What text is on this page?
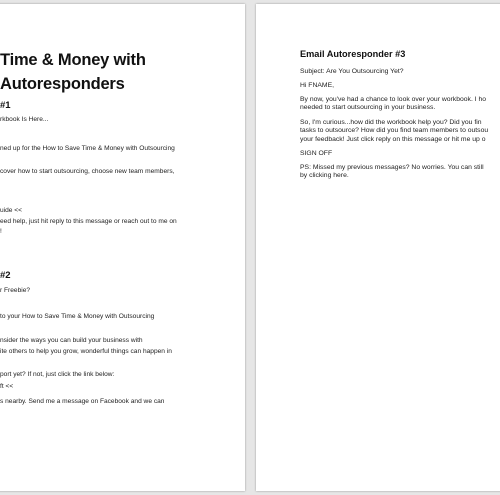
Time & Money with
Autoresponders
#1
rkbook Is Here...
ned up for the How to Save Time & Money with Outsourcing
cover how to start outsourcing, choose new team members,
uide <<
eed help, just hit reply to this message or reach out to me on
!
#2
r Freebie?
to your How to Save Time & Money with Outsourcing
nsider the ways you can build your business with
ite others to help you grow, wonderful things can happen in
port yet? If not, just click the link below:
ft <<
s nearby. Send me a message on Facebook and we can
Email Autoresponder #3
Subject: Are You Outsourcing Yet?
Hi FNAME,
By now, you've had a chance to look over your workbook. I ho
needed to start outsourcing in your business.
So, I'm curious...how did the workbook help you? Did you fin
tasks to outsource? How did you find team members to outsou
your feedback! Just click reply on this message or hit me up o
SIGN OFF
PS: Missed my previous messages? No worries. You can still
by clicking here.
